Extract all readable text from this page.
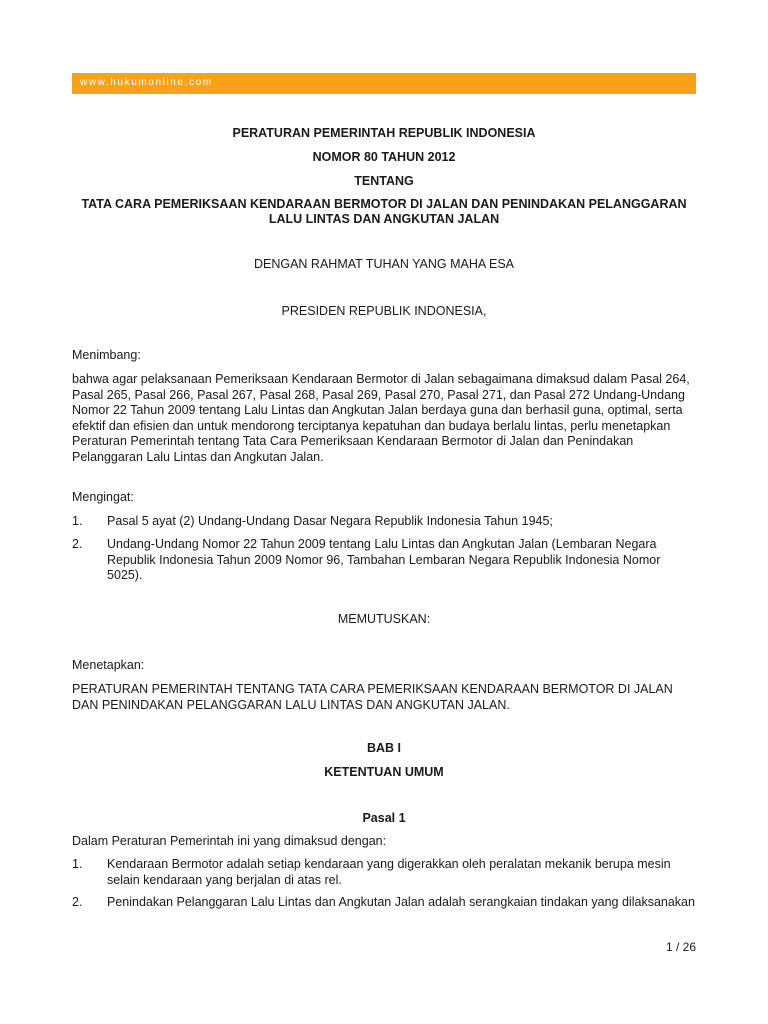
www.hukumonline.com
PERATURAN PEMERINTAH REPUBLIK INDONESIA
NOMOR 80 TAHUN 2012
TENTANG
TATA CARA PEMERIKSAAN KENDARAAN BERMOTOR DI JALAN DAN PENINDAKAN PELANGGARAN
LALU LINTAS DAN ANGKUTAN JALAN
DENGAN RAHMAT TUHAN YANG MAHA ESA
PRESIDEN REPUBLIK INDONESIA,
Menimbang:
bahwa agar pelaksanaan Pemeriksaan Kendaraan Bermotor di Jalan sebagaimana dimaksud dalam Pasal 264,
Pasal 265, Pasal 266, Pasal 267, Pasal 268, Pasal 269, Pasal 270, Pasal 271, dan Pasal 272 Undang-Undang
Nomor 22 Tahun 2009 tentang Lalu Lintas dan Angkutan Jalan berdaya guna dan berhasil guna, optimal, serta
efektif dan efisien dan untuk mendorong terciptanya kepatuhan dan budaya berlalu lintas, perlu menetapkan
Peraturan Pemerintah tentang Tata Cara Pemeriksaan Kendaraan Bermotor di Jalan dan Penindakan
Pelanggaran Lalu Lintas dan Angkutan Jalan.
Mengingat:
1. Pasal 5 ayat (2) Undang-Undang Dasar Negara Republik Indonesia Tahun 1945;
2. Undang-Undang Nomor 22 Tahun 2009 tentang Lalu Lintas dan Angkutan Jalan (Lembaran Negara
Republik Indonesia Tahun 2009 Nomor 96, Tambahan Lembaran Negara Republik Indonesia Nomor
5025).
MEMUTUSKAN:
Menetapkan:
PERATURAN PEMERINTAH TENTANG TATA CARA PEMERIKSAAN KENDARAAN BERMOTOR DI JALAN
DAN PENINDAKAN PELANGGARAN LALU LINTAS DAN ANGKUTAN JALAN.
BAB I
KETENTUAN UMUM
Pasal 1
Dalam Peraturan Pemerintah ini yang dimaksud dengan:
1. Kendaraan Bermotor adalah setiap kendaraan yang digerakkan oleh peralatan mekanik berupa mesin
selain kendaraan yang berjalan di atas rel.
2. Penindakan Pelanggaran Lalu Lintas dan Angkutan Jalan adalah serangkaian tindakan yang dilaksanakan
1 / 26
